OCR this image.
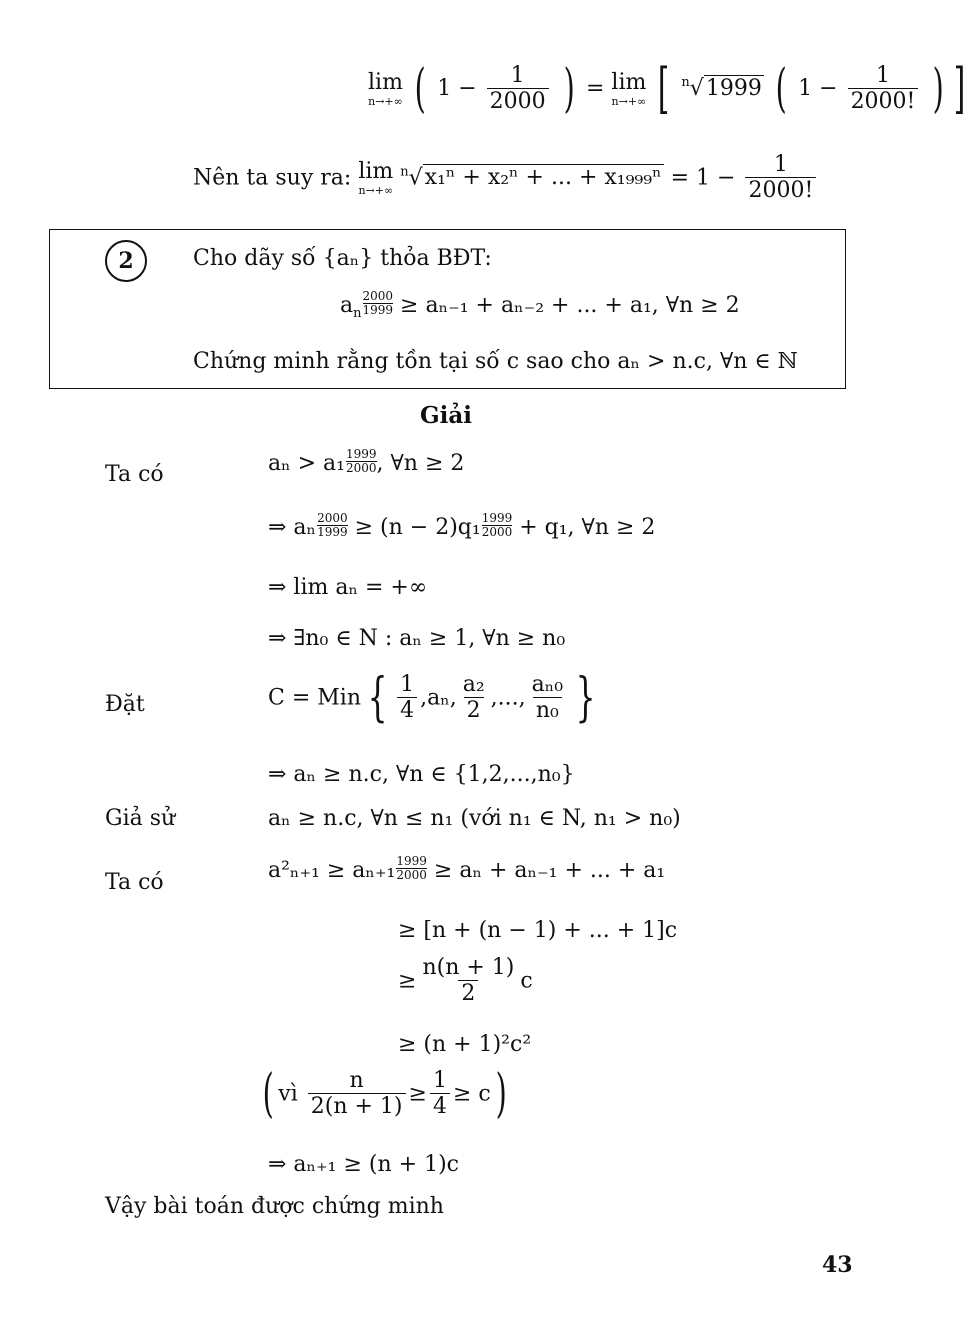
lim
n→+∞ ( $1 - \frac{1}{2000}$ ) = lim
n→+∞ [ $^n$√1999 ( $1 - \frac{1}{2000!}$ ) ]
Nên ta suy ra: lim
n→+∞
$^n$√x₁ⁿ + x₂ⁿ + ... + $x_{1999}^n = 1 - \frac{1}{2000!}$
2	Cho dãy số {aₙ} thỏa BĐT:
$a_n \frac{2000}{1999} \ge a_{n-1} + a_{n-2}$ + ... + a₁, ∀n ≥ 2
Chứng minh rằng tồn tại số c sao cho aₙ > n.c, ∀n ∈ ℕ
Giải
Ta có	$a_n > a_1 \frac{1999}{2000}$ , ∀n ≥ 2
⇒ aₙ $\frac{2000}{1999} \ge (n - 2)q_1 \frac{1999}{2000} + q_1$, ∀n ≥ 2
⇒ lim aₙ = +∞
⇒ ∃n₀ ∈ N : aₙ ≥ 1, ∀n ≥ n₀
Đặt	C = Min { $\frac{1}{4} ,a_n$, $\frac{\text{a₂}}{2}$ ,..., $\frac{\text{aₙ₀}}{\text{n₀}}$ }
⇒ aₙ ≥ n.c, ∀n ∈ {1,2,...,n₀}
Giả sử	aₙ ≥ n.c, ∀n ≤ n₁ (với n₁ ∈ N, n₁ > n₀)
Ta có	$a^2_{n+1} \ge a_{n+1} \frac{1999}{2000} \ge a_n + a_{n-1}$ + ... + a₁
≥ [n + (n − 1) + ... + 1]c
≥ $\frac{n(n + 1)}{2}$ c
≥ (n + 1)²c²
( vì $\frac{n}{2(n + 1)} \ge \frac{1}{4} \ge c$)
⇒ aₙ₊₁ ≥ (n + 1)c
Vậy bài toán được chứng minh
43
